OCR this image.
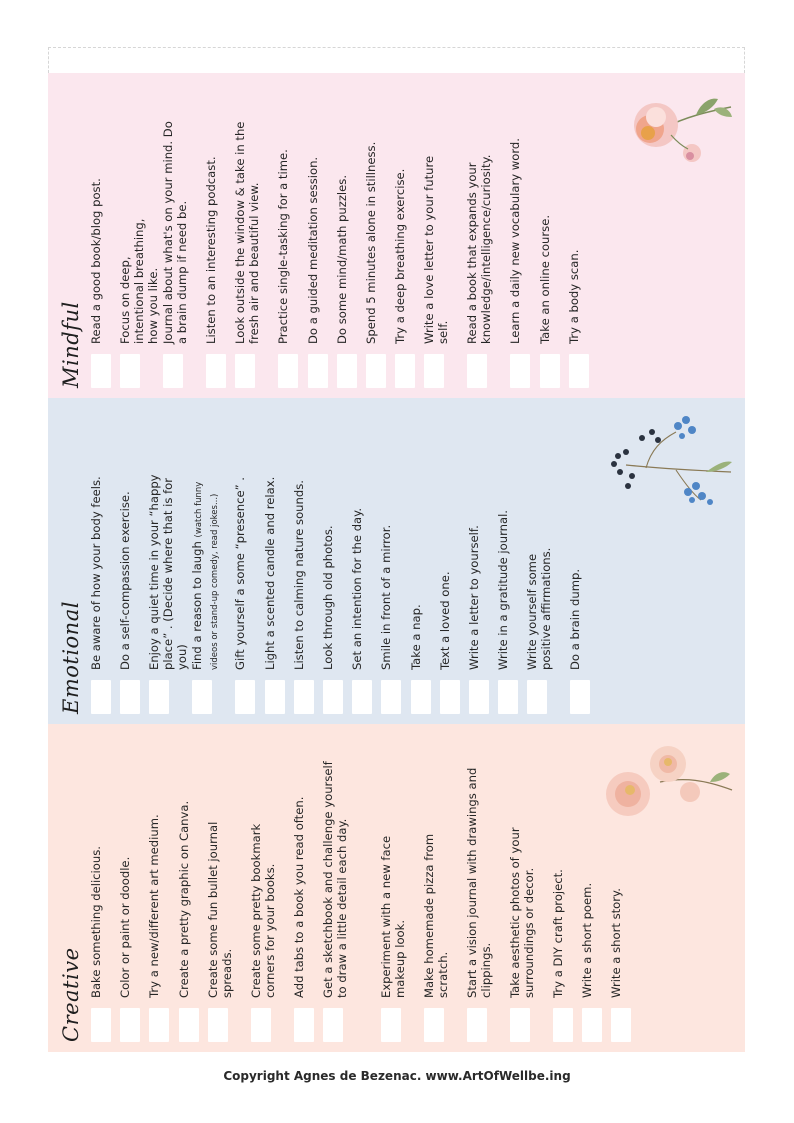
Mindful
Read a good book/blog post. Focus on deep, intentional breathing, how you like. Journal about what's on your mind. Do a brain dump if need be. Listen to an interesting podcast. Look outside the window & take in the fresh air and beautiful view. Practice single-tasking for a time. Do a guided meditation session. Do some mind/math puzzles. Spend 5 minutes alone in stillness. Try a deep breathing exercise. Write a love letter to your future self. Read a book that expands your knowledge/intelligence/curiosity. Learn a daily new vocabulary word. Take an online course. Try a body scan.
Emotional Be aware of how your body feels. Do a self-compassion exercise. Enjoy a quiet time in your “happy place” . (Decide where that is for you) Find a reason to laugh (watch funny videos or stand-up comedy, read jokes...) Gift yourself a some “presence” . Light a scented candle and relax. Listen to calming nature sounds. Look through old photos. Set an intention for the day. Smile in front of a mirror. Take a nap. Text a loved one. Write a letter to yourself. Write in a gratitude journal. Write yourself some positive affirmations. Do a brain dump.
Creative Bake something delicious. Color or paint or doodle. Try a new/different art medium. Create a pretty graphic on Canva. Create some fun bullet journal spreads. Create some pretty bookmark corners for your books. Add tabs to a book you read often. Get a sketchbook and challenge yourself to draw a little detail each day.	Experiment with a new face makeup look. Make homemade pizza from scratch. Start a vision journal with drawings and clippings. Take aesthetic photos of your surroundings or decor. Try a DIY craft project. Write a short poem. Write a short story.
Copyright Agnes de Bezenac. www.ArtOfWellbe.ing
